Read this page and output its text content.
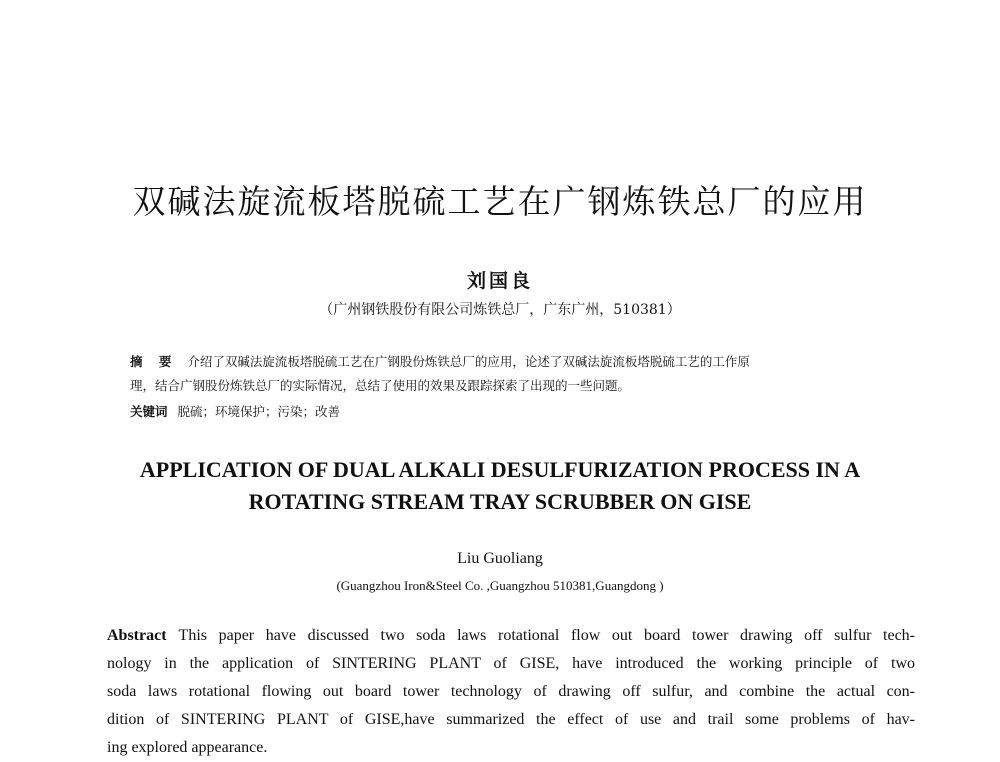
双碱法旋流板塔脱硫工艺在广钢炼铁总厂的应用
刘国良
（广州钢铁股份有限公司炼铁总厂，广东广州，510381）
摘 要 介绍了双碱法旋流板塔脱硫工艺在广钢股份炼铁总厂的应用，论述了双碱法旋流板塔脱硫工艺的工作原
理，结合广钢股份炼铁总厂的实际情况，总结了使用的效果及跟踪探索了出现的一些问题。
关键词 脱硫；环境保护；污染；改善
APPLICATION OF DUAL ALKALI DESULFURIZATION PROCESS IN A
ROTATING STREAM TRAY SCRUBBER ON GISE
Liu Guoliang
(Guangzhou Iron&Steel Co. ,Guangzhou 510381,Guangdong )

Abstract This paper have discussed two soda laws rotational flow out board tower drawing off sulfur tech-
nology in the application of SINTERING PLANT of GISE, have introduced the working principle of two
soda laws rotational flowing out board tower technology of drawing off sulfur, and combine the actual con-
dition of SINTERING PLANT of GISE,have summarized the effect of use and trail some problems of hav-
ing explored appearance.
